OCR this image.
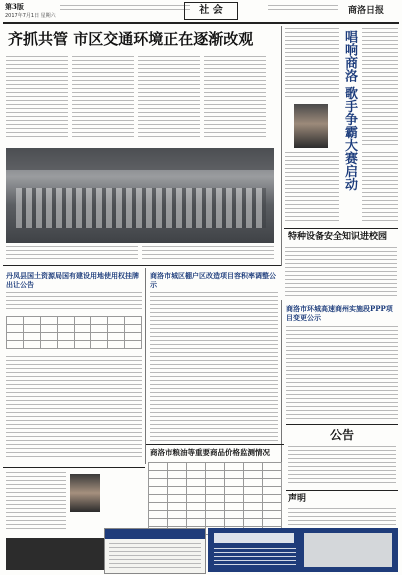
第3版
2017年7月1日 星期六	社 会	商洛日报
齐抓共管 市区交通环境正在逐渐改观	唱响商洛 歌手争霸大赛启动
特种设备安全知识进校园
丹凤县国土资源局国有建设用地使用权挂牌出让公告

商洛市城区棚户区改造项目容积率调整公示
商洛市环城高速商州实施段PPP项目变更公示
商洛市粮油等重要商品价格监测情况

公告
声明
